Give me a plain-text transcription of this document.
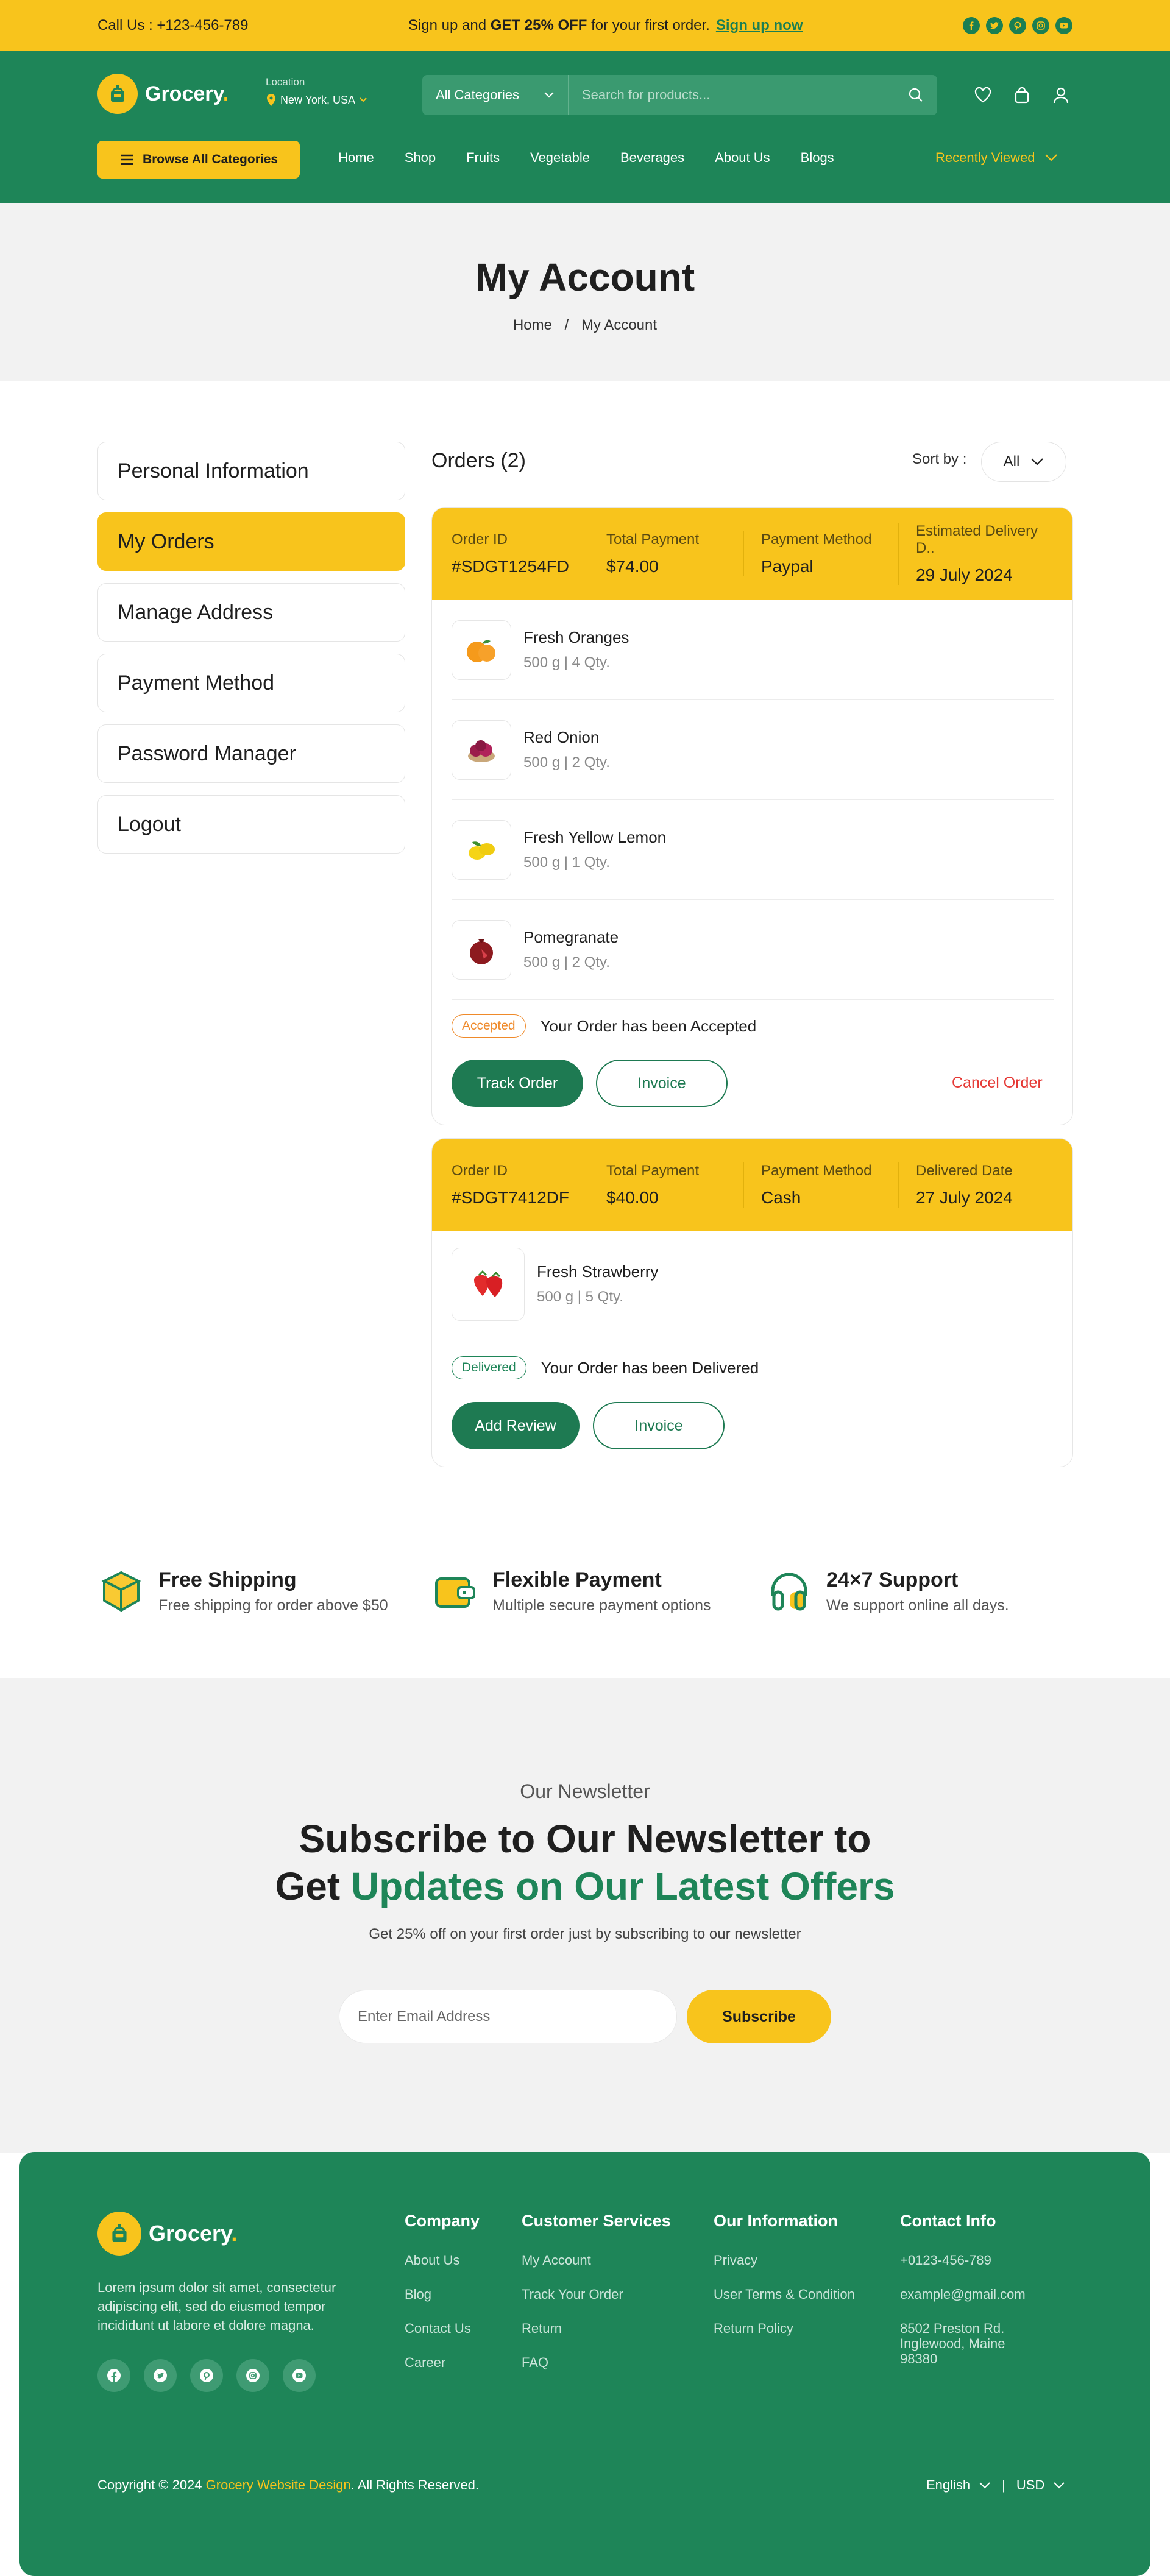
Call Us : +123-456-789	Sign up and GET 25% OFF for your first order. Sign up now
Grocery.	Location
New York, USA	All Categories
Search for products...
Browse All Categories	Home Shop Fruits Vegetable Beverages About Us Blogs	Recently Viewed
My Account
Home / My Account
Personal Information
My Orders
Manage Address
Payment Method
Password Manager
Logout
Orders (2)	Sort by :	All
Order ID
#SDGT1254FD
Total Payment
$74.00
Payment Method
Paypal
Estimated Delivery D..
29 July 2024
Fresh Oranges
500 g | 4 Qty.
Red Onion
500 g | 2 Qty.
Fresh Yellow Lemon
500 g | 1 Qty.
Pomegranate
500 g | 2 Qty.
Accepted	Your Order has been Accepted
Track Order	Invoice	Cancel Order
Order ID
#SDGT7412DF
Total Payment
$40.00
Payment Method
Cash
Delivered Date
27 July 2024
Fresh Strawberry
500 g | 5 Qty.
Delivered	Your Order has been Delivered
Add Review	Invoice
Free Shipping
Free shipping for order above $50
Flexible Payment
Multiple secure payment options
24×7 Support
We support online all days.
Our Newsletter
Subscribe to Our Newsletter to
Get Updates on Our Latest Offers
Get 25% off on your first order just by subscribing to our newsletter
Enter Email Address
Subscribe
Grocery.
Lorem ipsum dolor sit amet, consectetur adipiscing elit, sed do eiusmod tempor incididunt ut labore et dolore magna.
Company
About Us
Blog
Contact Us
Career
Customer Services
My Account
Track Your Order
Return
FAQ
Our Information
Privacy
User Terms & Condition
Return Policy
Contact Info
+0123-456-789
example@gmail.com
8502 Preston Rd. Inglewood, Maine 98380
Copyright © 2024 Grocery Website Design. All Rights Reserved.	English | USD
